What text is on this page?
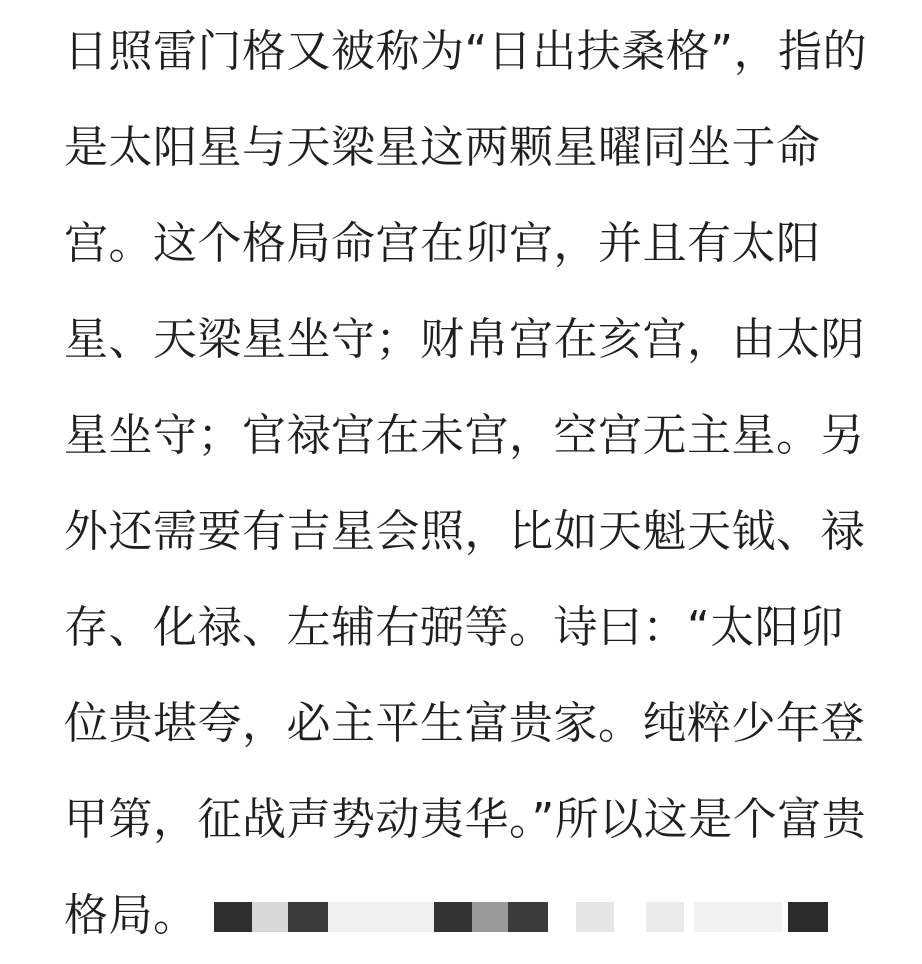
日照雷门格又被称为“日出扶桑格”，指的
是太阳星与天梁星这两颗星曜同坐于命
宫。这个格局命宫在卯宫，并且有太阳
星、天梁星坐守；财帛宫在亥宫，由太阴
星坐守；官禄宫在未宫，空宫无主星。另
外还需要有吉星会照，比如天魁天钺、禄
存、化禄、左辅右弼等。诗曰：“太阳卯
位贵堪夸，必主平生富贵家。纯粹少年登
甲第，征战声势动夷华。”所以这是个富贵
格局。
